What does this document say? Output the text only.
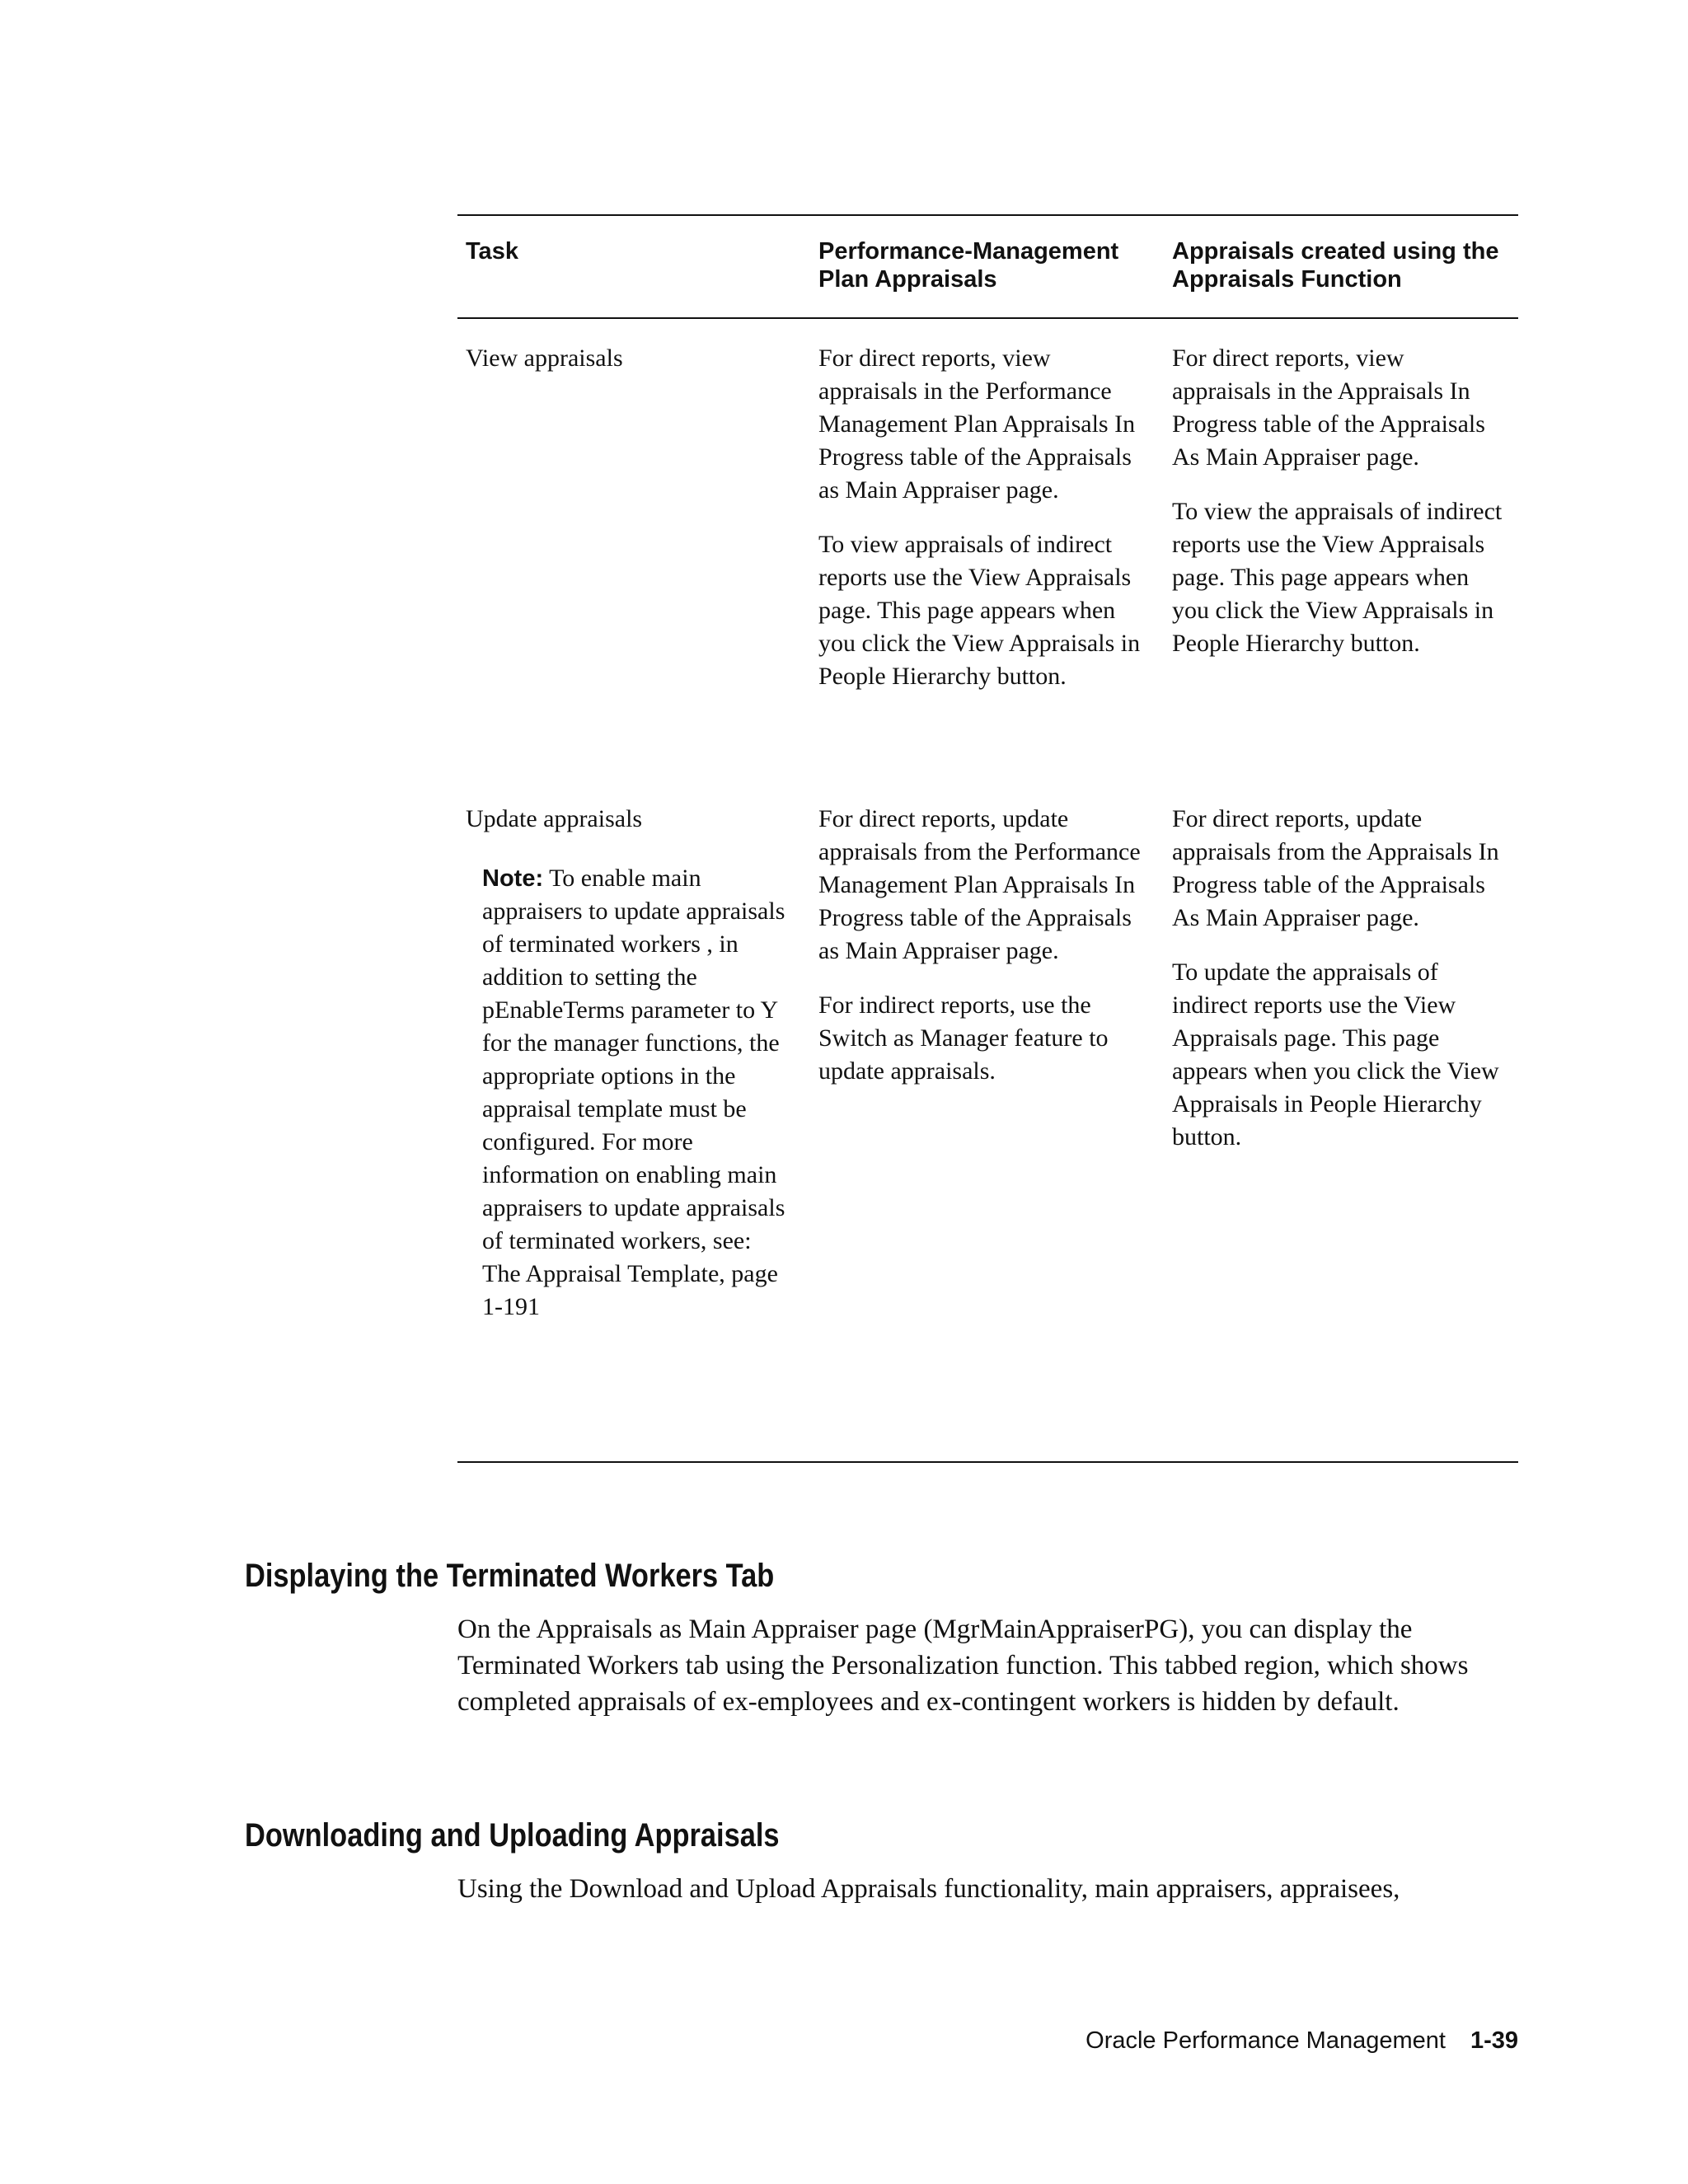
Task	Performance-Management Plan Appraisals
Appraisals created using the Appraisals Function
View appraisals	For direct reports, view appraisals in the Performance Management Plan Appraisals In Progress table of the Appraisals as Main Appraiser page.

To view appraisals of indirect reports use the View Appraisals page. This page appears when you click the View Appraisals in People Hierarchy button.

For direct reports, view appraisals in the Appraisals In Progress table of the Appraisals As Main Appraiser page.

To view the appraisals of indirect reports use the View Appraisals page. This page appears when you click the View Appraisals in People Hierarchy button.

Update appraisals
Note: To enable main appraisers to update appraisals of terminated workers , in addition to setting the pEnableTerms parameter to Y for the manager functions, the appropriate options in the appraisal template must be configured. For more information on enabling main appraisers to update appraisals of terminated workers, see: The Appraisal Template, page 1-191

For direct reports, update appraisals from the Performance Management Plan Appraisals In Progress table of the Appraisals as Main Appraiser page.

For indirect reports, use the Switch as Manager feature to update appraisals.

For direct reports, update appraisals from the Appraisals In Progress table of the Appraisals As Main Appraiser page.

To update the appraisals of indirect reports use the View Appraisals page. This page appears when you click the View Appraisals in People Hierarchy button.

Displaying the Terminated Workers Tab
On the Appraisals as Main Appraiser page (MgrMainAppraiserPG), you can display the Terminated Workers tab using the Personalization function. This tabbed region, which shows completed appraisals of ex-employees and ex-contingent workers is hidden by default.
Downloading and Uploading Appraisals
Using the Download and Upload Appraisals functionality, main appraisers, appraisees,
Oracle Performance Management 1-39
